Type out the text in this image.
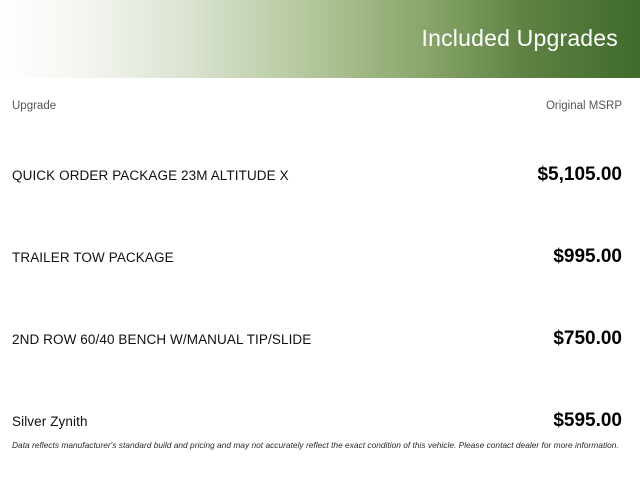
Included Upgrades
Upgrade	Original MSRP
QUICK ORDER PACKAGE 23M ALTITUDE X	$5,105.00
TRAILER TOW PACKAGE	$995.00
2ND ROW 60/40 BENCH W/MANUAL TIP/SLIDE	$750.00
Silver Zynith	$595.00
Data reflects manufacturer's standard build and pricing and may not accurately reflect the exact condition of this vehicle. Please contact dealer for more information.
